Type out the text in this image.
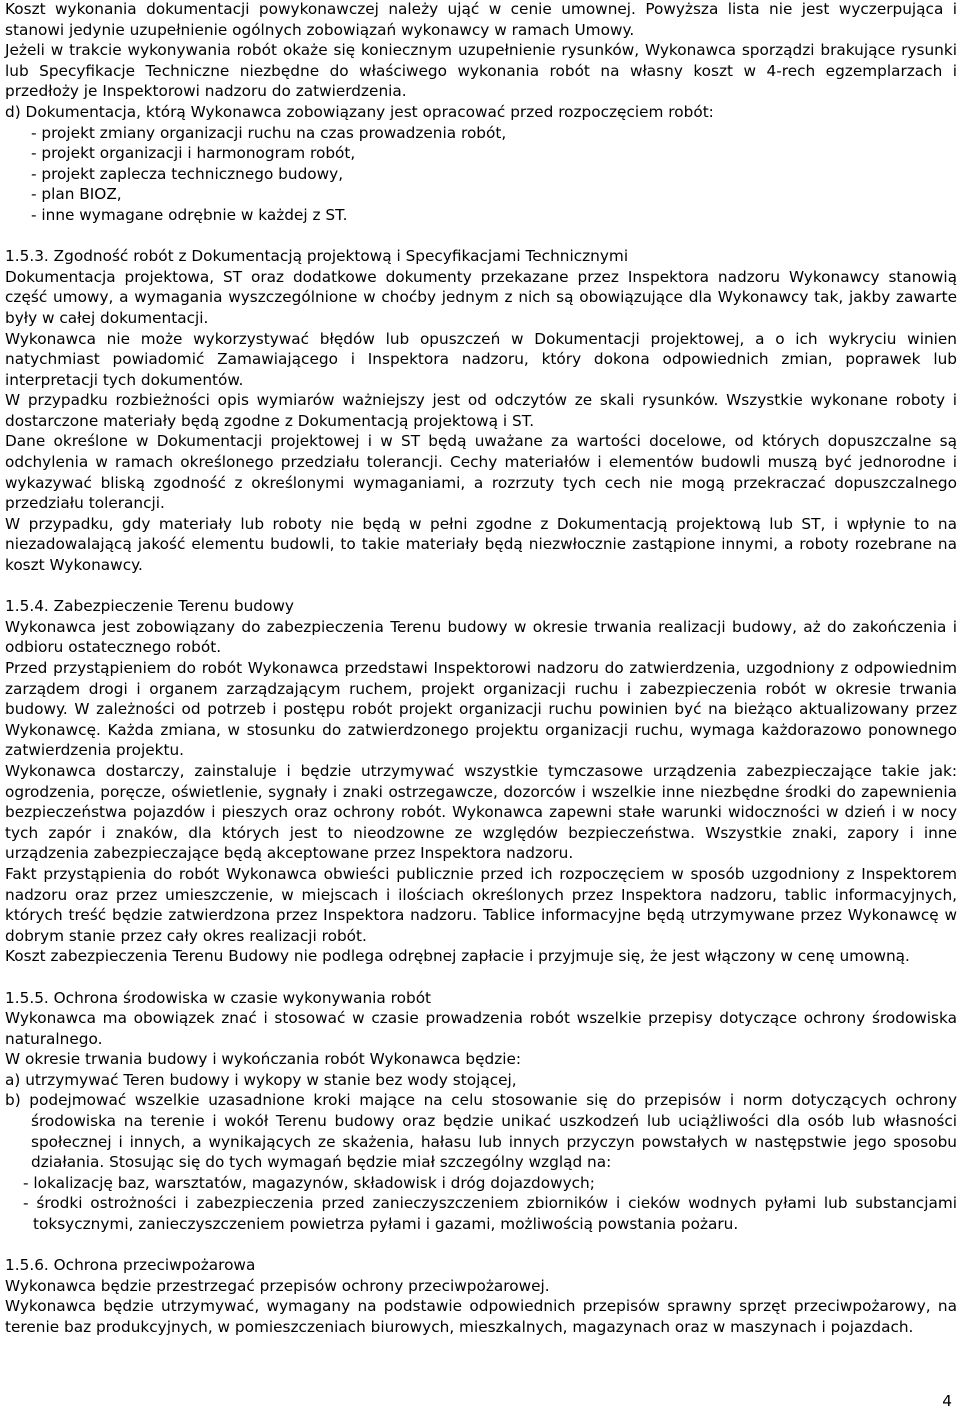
Koszt wykonania dokumentacji powykonawczej należy ująć w cenie umownej. Powyższa lista nie jest wyczerpująca i stanowi jedynie uzupełnienie ogólnych zobowiązań wykonawcy w ramach Umowy.

Jeżeli w trakcie wykonywania robót okaże się koniecznym uzupełnienie rysunków, Wykonawca sporządzi brakujące rysunki lub Specyfikacje Techniczne niezbędne do właściwego wykonania robót na własny koszt w 4-rech egzemplarzach i przedłoży je Inspektorowi nadzoru do zatwierdzenia.

d) Dokumentacja, którą Wykonawca zobowiązany jest opracować przed rozpoczęciem robót:

- projekt zmiany organizacji ruchu na czas prowadzenia robót,
- projekt organizacji i harmonogram robót,
- projekt zaplecza technicznego budowy,
- plan BIOZ,
- inne wymagane odrębnie w każdej z ST.
1.5.3. Zgodność robót z Dokumentacją projektową i Specyfikacjami Technicznymi

Dokumentacja projektowa, ST oraz dodatkowe dokumenty przekazane przez Inspektora nadzoru Wykonawcy stanowią część umowy, a wymagania wyszczególnione w choćby jednym z nich są obowiązujące dla Wykonawcy tak, jakby zawarte były w całej dokumentacji.

Wykonawca nie może wykorzystywać błędów lub opuszczeń w Dokumentacji projektowej, a o ich wykryciu winien natychmiast powiadomić Zamawiającego i Inspektora nadzoru, który dokona odpowiednich zmian, poprawek lub interpretacji tych dokumentów.

W przypadku rozbieżności opis wymiarów ważniejszy jest od odczytów ze skali rysunków. Wszystkie wykonane roboty i dostarczone materiały będą zgodne z Dokumentacją projektową i ST.

Dane określone w Dokumentacji projektowej i w ST będą uważane za wartości docelowe, od których dopuszczalne są odchylenia w ramach określonego przedziału tolerancji. Cechy materiałów i elementów budowli muszą być jednorodne i wykazywać bliską zgodność z określonymi wymaganiami, a rozrzuty tych cech nie mogą przekraczać dopuszczalnego przedziału tolerancji.

W przypadku, gdy materiały lub roboty nie będą w pełni zgodne z Dokumentacją projektową lub ST, i wpłynie to na niezadowalającą jakość elementu budowli, to takie materiały będą niezwłocznie zastąpione innymi, a roboty rozebrane na koszt Wykonawcy.

1.5.4. Zabezpieczenie Terenu budowy

Wykonawca jest zobowiązany do zabezpieczenia Terenu budowy w okresie trwania realizacji budowy, aż do zakończenia i odbioru ostatecznego robót.

Przed przystąpieniem do robót Wykonawca przedstawi Inspektorowi nadzoru do zatwierdzenia, uzgodniony z odpowiednim zarządem drogi i organem zarządzającym ruchem, projekt organizacji ruchu i zabezpieczenia robót w okresie trwania budowy. W zależności od potrzeb i postępu robót projekt organizacji ruchu powinien być na bieżąco aktualizowany przez Wykonawcę. Każda zmiana, w stosunku do zatwierdzonego projektu organizacji ruchu, wymaga każdorazowo ponownego zatwierdzenia projektu.

Wykonawca dostarczy, zainstaluje i będzie utrzymywać wszystkie tymczasowe urządzenia zabezpieczające takie jak: ogrodzenia, poręcze, oświetlenie, sygnały i znaki ostrzegawcze, dozorców i wszelkie inne niezbędne środki do zapewnienia bezpieczeństwa pojazdów i pieszych oraz ochrony robót. Wykonawca zapewni stałe warunki widoczności w dzień i w nocy tych zapór i znaków, dla których jest to nieodzowne ze względów bezpieczeństwa. Wszystkie znaki, zapory i inne urządzenia zabezpieczające będą akceptowane przez Inspektora nadzoru.

Fakt przystąpienia do robót Wykonawca obwieści publicznie przed ich rozpoczęciem w sposób uzgodniony z Inspektorem nadzoru oraz przez umieszczenie, w miejscach i ilościach określonych przez Inspektora nadzoru, tablic informacyjnych, których treść będzie zatwierdzona przez Inspektora nadzoru. Tablice informacyjne będą utrzymywane przez Wykonawcę w dobrym stanie przez cały okres realizacji robót.

Koszt zabezpieczenia Terenu Budowy nie podlega odrębnej zapłacie i przyjmuje się, że jest włączony w cenę umowną.

1.5.5. Ochrona środowiska w czasie wykonywania robót

Wykonawca ma obowiązek znać i stosować w czasie prowadzenia robót wszelkie przepisy dotyczące ochrony środowiska naturalnego.

W okresie trwania budowy i wykończania robót Wykonawca będzie:

a) utrzymywać Teren budowy i wykopy w stanie bez wody stojącej,

b) podejmować wszelkie uzasadnione kroki mające na celu stosowanie się do przepisów i norm dotyczących ochrony środowiska na terenie i wokół Terenu budowy oraz będzie unikać uszkodzeń lub uciążliwości dla osób lub własności społecznej i innych, a wynikających ze skażenia, hałasu lub innych przyczyn powstałych w następstwie jego sposobu działania. Stosując się do tych wymagań będzie miał szczególny wzgląd na:

- lokalizację baz, warsztatów, magazynów, składowisk i dróg dojazdowych;

- środki ostrożności i zabezpieczenia przed zanieczyszczeniem zbiorników i cieków wodnych pyłami lub substancjami toksycznymi, zanieczyszczeniem powietrza pyłami i gazami, możliwością powstania pożaru.

1.5.6. Ochrona przeciwpożarowa

Wykonawca będzie przestrzegać przepisów ochrony przeciwpożarowej.

Wykonawca będzie utrzymywać, wymagany na podstawie odpowiednich przepisów sprawny sprzęt przeciwpożarowy, na terenie baz produkcyjnych, w pomieszczeniach biurowych, mieszkalnych, magazynach oraz w maszynach i pojazdach.

4
